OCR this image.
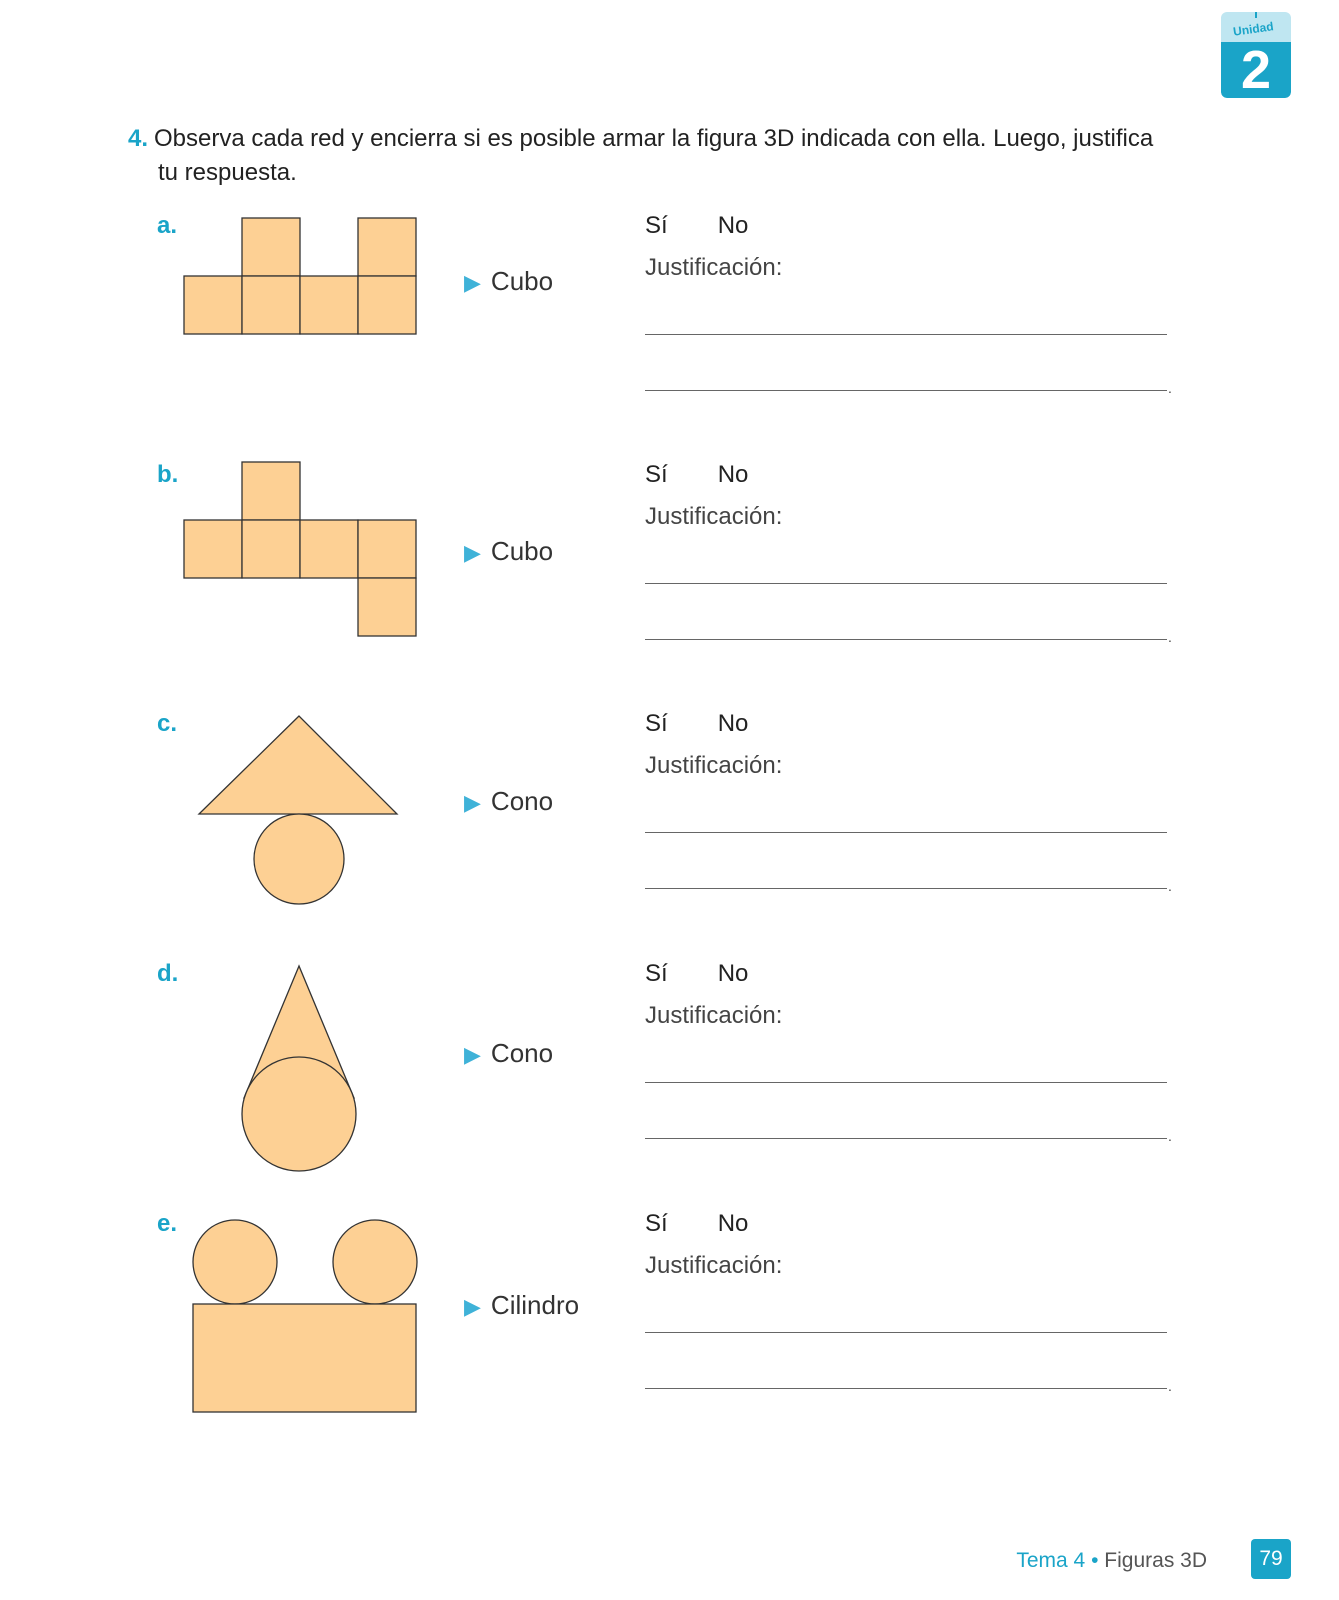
Unidad
2
4. Observa cada red y encierra si es posible armar la figura 3D indicada con ella. Luego, justifica
tu respuesta.
a.
▶ Cubo
Sí No
Justificación:
.
b.
▶ Cubo
Sí No
Justificación:
.
c.
▶ Cono
Sí No
Justificación:
.
d.
▶ Cono
Sí No
Justificación:
.
e.
▶ Cilindro
Sí No
Justificación:
.
Tema 4 • Figuras 3D	79
